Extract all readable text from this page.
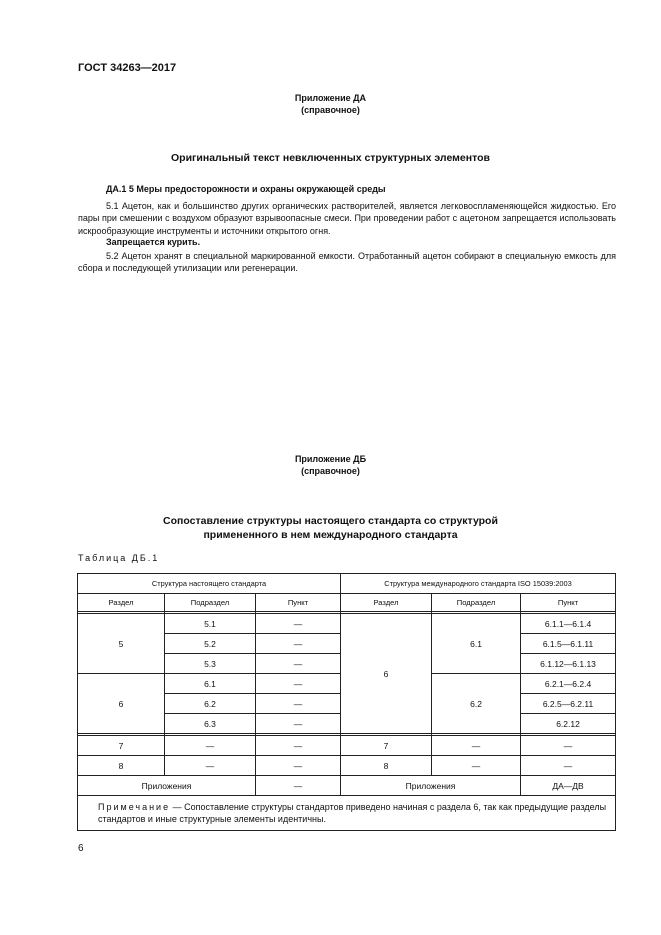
ГОСТ 34263—2017
Приложение ДА
(справочное)
Оригинальный текст невключенных структурных элементов
ДА.1 5 Меры предосторожности и охраны окружающей среды
5.1 Ацетон, как и большинство других органических растворителей, является легковоспламеняющейся жидкостью. Его пары при смешении с воздухом образуют взрывоопасные смеси. При проведении работ с ацетоном запрещается использовать искрообразующие инструменты и источники открытого огня.
Запрещается курить.
5.2 Ацетон хранят в специальной маркированной емкости. Отработанный ацетон собирают в специальную емкость для сбора и последующей утилизации или регенерации.
Приложение ДБ
(справочное)
Сопоставление структуры настоящего стандарта со структурой
примененного в нем международного стандарта
Таблица ДБ.1
Структура настоящего стандарта			Структура международного стандарта ISO 15039:2003		
Раздел	Подраздел	Пункт	Раздел	Подраздел	Пункт

5	5.1	—	6	6.1	6.1.1—6.1.4
	5.2	—			6.1.5—6.1.11
	5.3	—			6.1.12—6.1.13
6	6.1	—		6.2	6.2.1—6.2.4
	6.2	—			6.2.5—6.2.11
	6.3	—			6.2.12

7	—	—	7	—	—
8	—	—	8	—	—
Приложения		—	Приложения		ДА—ДВ
Примечание — Сопоставление структуры стандартов приведено начиная с раздела 6, так как предыдущие разделы стандартов и иные структурные элементы идентичны.					
6
